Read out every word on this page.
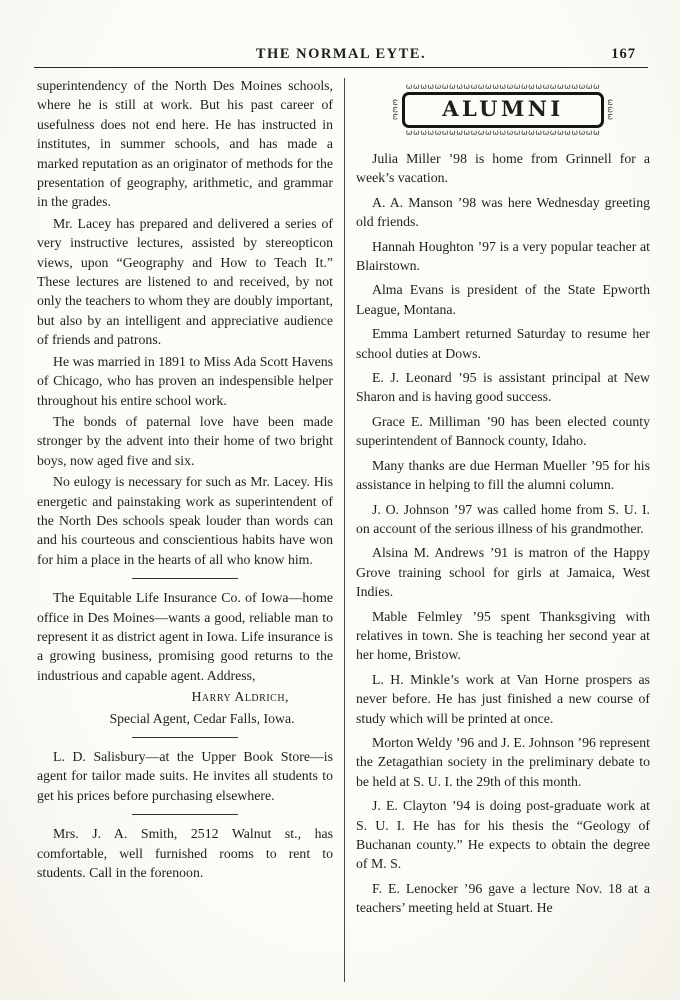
THE NORMAL EYTE.	167

superintendency of the North Des Moines schools, where he is still at work. But his past career of usefulness does not end here. He has instructed in institutes, in summer schools, and has made a marked reputation as an originator of methods for the presentation of geography, arithmetic, and grammar in the grades.

Mr. Lacey has prepared and delivered a series of very instructive lectures, assisted by stereopticon views, upon “Geography and How to Teach It.” These lectures are listened to and received, by not only the teachers to whom they are doubly important, but also by an intelligent and appreciative audience of friends and patrons.

He was married in 1891 to Miss Ada Scott Havens of Chicago, who has proven an indespensible helper throughout his entire school work.

The bonds of paternal love have been made stronger by the advent into their home of two bright boys, now aged five and six.

No eulogy is necessary for such as Mr. Lacey. His energetic and painstaking work as superintendent of the North Des schools speak louder than words can and his courteous and conscientious habits have won for him a place in the hearts of all who know him.

The Equitable Life Insurance Co. of Iowa—home office in Des Moines—wants a good, reliable man to represent it as district agent in Iowa. Life insurance is a growing business, promising good returns to the industrious and capable agent. Address,

Harry Aldrich,

Special Agent, Cedar Falls, Iowa.

L. D. Salisbury—at the Upper Book Store—is agent for tailor made suits. He invites all students to get his prices before purchasing elsewhere.

Mrs. J. A. Smith, 2512 Walnut st., has comfortable, well furnished rooms to rent to students. Call in the forenoon.

ωωωωωωωωωωωωωωωωωωωωωωωωωωω
ωωω	ALUMNI	ωωω
ωωωωωωωωωωωωωωωωωωωωωωωωωωω

Julia Miller ’98 is home from Grinnell for a week’s vacation.

A. A. Manson ’98 was here Wednesday greeting old friends.

Hannah Houghton ’97 is a very popular teacher at Blairstown.

Alma Evans is president of the State Epworth League, Montana.

Emma Lambert returned Saturday to resume her school duties at Dows.

E. J. Leonard ’95 is assistant principal at New Sharon and is having good success.

Grace E. Milliman ’90 has been elected county superintendent of Bannock county, Idaho.

Many thanks are due Herman Mueller ’95 for his assistance in helping to fill the alumni column.

J. O. Johnson ’97 was called home from S. U. I. on account of the serious illness of his grandmother.

Alsina M. Andrews ’91 is matron of the Happy Grove training school for girls at Jamaica, West Indies.

Mable Felmley ’95 spent Thanksgiving with relatives in town. She is teaching her second year at her home, Bristow.

L. H. Minkle’s work at Van Horne prospers as never before. He has just finished a new course of study which will be printed at once.

Morton Weldy ’96 and J. E. Johnson ’96 represent the Zetagathian society in the preliminary debate to be held at S. U. I. the 29th of this month.

J. E. Clayton ’94 is doing post-graduate work at S. U. I. He has for his thesis the “Geology of Buchanan county.” He expects to obtain the degree of M. S.

F. E. Lenocker ’96 gave a lecture Nov. 18 at a teachers’ meeting held at Stuart. He
